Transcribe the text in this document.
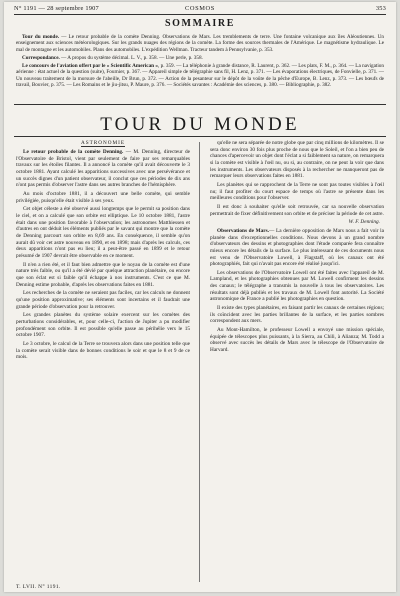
N° 1191 — 28 septembre 1907	COSMOS	353
SOMMAIRE

Tour du monde. — Le retour probable de la comète Denning. Observations de Mars. Les tremblements de terre. Une fontaine volcanique aux îles Aléoutiennes. Un enseignement aux sciences météorologiques. Sur les grands nuages des régions de la comète. La forme des sources thermales de l'Amérique. Le magnétisme hydraulique. Le mal de montagne et les automobiles. Plans des automobiles. L'expédition Wellman. Tracteur tandem à Pennsylvanie, p. 353.

Correspondance. — A propos du système décimal. L. V., p. 358. — Une perle, p. 358.

Le concours de l'aviation offert par le « Scientific American », p. 359. — La téléphonie à grande distance, R. Laurent, p. 362. — Les plats, F. M., p. 364. — La navigation aérienne : état actuel de la question (suite), Fournier, p. 367. — Appareil simple de télégraphie sans fil, H. Lenz, p. 371. — Les évaporations électriques, de Fonvielle, p. 371. — Un nouveau traitement de la morsure de l'abeille, Dr Brun, p. 372. — Action de la pesanteur sur le dépôt de la voûte de la pêche d'Europe, B. Lenz, p. 373. — Les bœufs de travail, Bouvier, p. 375. — Les Romains et le jiu-jitsu, P. Maure, p. 376. — Sociétés savantes : Académie des sciences, p. 380. — Bibliographie, p. 382.

TOUR DU MONDE

ASTRONOMIE

Le retour probable de la comète Denning. — M. Denning, directeur de l'Observatoire de Bristol, vient par seulement de faire par ses remarquables travaux sur les étoiles filantes. Il a annoncé la comète qu'il avait découverte le 3 octobre 1881. Ayant calculé les apparitions successives avec une persévérance et un succès dignes d'un patient observateur, il conclut que ces périodes de dix ans n'ont pas permis d'observer l'astre dans ses autres branches de l'hémisphère.

Au mois d'octobre 1881, il a découvert une belle comète, qui semble privilégiée, puisqu'elle était visible à ses yeux.

Cet objet céleste a été observé aussi longtemps que le permit sa position dans le ciel, et on a calculé que son orbite est elliptique. Le 10 octobre 1881, l'astre était dans une position favorable à l'observation; les astronomes Matthiessen et d'autres en ont déduit les éléments publiés par le savant qui montre que la comète de Denning parcourt son orbite en 8,69 ans. En conséquence, il semble qu'on aurait dû voir cet astre nouveau en 1890, et en 1898; mais d'après les calculs, ces deux apparitions n'ont pas eu lieu; il a peut-être passé en 1899 et le retour présumé de 1907 devrait être observable en ce moment.

Il n'en a rien été, et il faut bien admettre que le noyau de la comète est d'une nature très faible, ou qu'il a été dévié par quelque attraction planétaire, ou encore que son éclat est si faible qu'il échappe à nos instruments. C'est ce que M. Denning estime probable, d'après les observations faites en 1881.

Les recherches de la comète ne seraient pas faciles, car les calculs ne donnent qu'une position approximative; ses éléments sont incertains et il faudrait une grande période d'observation pour la retrouver.

Les grandes planètes du système solaire exercent sur les comètes des perturbations considérables, et, pour celle-ci, l'action de Jupiter a pu modifier profondément son orbite. Il est possible qu'elle passe au périhélie vers le 15 octobre 1907.

Le 3 octobre, le calcul de la Terre se trouvera alors dans une position telle que la comète serait visible dans de bonnes conditions le soir et que le 8 et 9 de ce mois.

qu'elle ne sera séparée de notre globe que par cinq millions de kilomètres. Il se sera donc environ 30 fois plus proche de nous que le Soleil, et l'on a bien peu de chances d'apercevoir un objet dont l'éclat a si faiblement sa nature, on remarquera si la comète est visible à l'œil nu, ou si, au contraire, on ne peut la voir que dans les instruments. Les observateurs disposés à la rechercher ne manqueront pas de remarquer leurs observations faites en 1881.

Les planètes qui se rapprochent de la Terre ne sont pas toutes visibles à l'œil nu; il faut profiter du court espace de temps où l'astre se présente dans les meilleures conditions pour l'observer.

Il est donc à souhaiter qu'elle soit retrouvée, car sa nouvelle observation permettrait de fixer définitivement son orbite et de préciser la période de cet astre.

W. F. Denning.

Observations de Mars.— La dernière opposition de Mars nous a fait voir la planète dans d'exceptionnelles conditions. Nous devons à un grand nombre d'observateurs des dessins et photographies dont l'étude comparée fera connaître mieux encore les détails de la surface. Le plus intéressant de ces documents nous est venu de l'Observatoire Lowell, à Flagstaff, où les canaux ont été photographiés, fait qui n'avait pas encore été réalisé jusqu'ici.

Les observations de l'Observatoire Lowell ont été faites avec l'appareil de M. Lampland, et les photographies obtenues par M. Lowell confirment les dessins des canaux; le télégraphe a transmis la nouvelle à tous les observatoires. Les résultats sont déjà publiés et les travaux de M. Lowell font autorité. La Société astronomique de France a publié les photographies en question.

Il existe des types planétaires, en faisant partir les canaux de certaines régions; ils coïncident avec les parties brillantes de la surface, et les parties sombres correspondent aux mers.

Au Mont-Hamilton, le professeur Lowell a envoyé une mission spéciale, équipée de télescopes plus puissants, à la Sierra, au Chili, à Alianza; M. Todd a observé avec succès les détails de Mars avec le télescope de l'Observatoire de Harvard.

T. LVII. N° 1191.
